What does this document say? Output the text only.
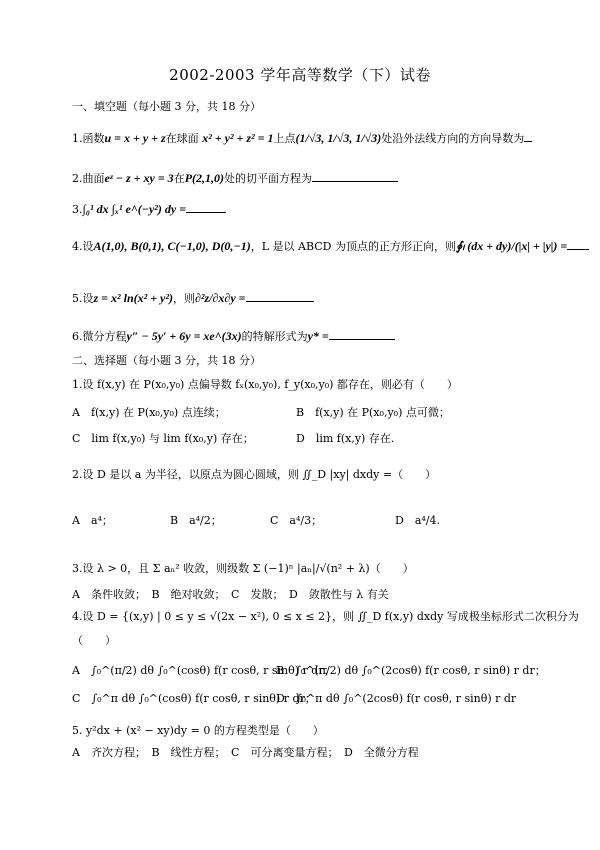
2002-2003 学年高等数学（下）试卷
一、填空题（每小题 3 分，共 18 分）
1.函数u = x + y + z在球面 x² + y² + z² = 1上点(1/√3, 1/√3, 1/√3)处沿外法线方向的方向导数为
2.曲面eᶻ − z + xy = 3在P(2,1,0)处的切平面方程为
3.∫₀¹ dx ∫ₓ¹ e^(−y²) dy =
4.设A(1,0), B(0,1), C(−1,0), D(0,−1)，L 是以 ABCD 为顶点的正方形正向，则∮ₗ (dx + dy)/(|x| + |y|) =
5.设z = x² ln(x² + y²)，则∂²z/∂x∂y =
6.微分方程y″ − 5y′ + 6y = xe^(3x)的特解形式为y* =
二、选择题（每小题 3 分，共 18 分）
1.设 f(x,y) 在 P(x₀,y₀) 点偏导数 fₓ(x₀,y₀), f_y(x₀,y₀) 都存在，则必有（　　）
A　f(x,y) 在 P(x₀,y₀) 点连续；	B　f(x,y) 在 P(x₀,y₀) 点可微；
C　lim f(x,y₀) 与 lim f(x₀,y) 存在；	D　lim f(x,y) 存在.
2.设 D 是以 a 为半径，以原点为圆心圆域，则 ∬_D |xy| dxdy =（　　）
A　a⁴；	B　a⁴/2；	C　a⁴/3；	D　a⁴/4.
3.设 λ > 0，且 Σ aₙ² 收敛，则级数 Σ (−1)ⁿ |aₙ|/√(n² + λ)（　　）
A　条件收敛；　B　绝对收敛；　C　发散；　D　敛散性与 λ 有关
4.设 D = {(x,y) | 0 ≤ y ≤ √(2x − x²), 0 ≤ x ≤ 2}，则 ∬_D f(x,y) dxdy 写成极坐标形式二次积分为
（　　）
A　∫₀^(π/2) dθ ∫₀^(cosθ) f(r cosθ, r sinθ) r dr；
B　∫₀^(π/2) dθ ∫₀^(2cosθ) f(r cosθ, r sinθ) r dr；
C　∫₀^π dθ ∫₀^(cosθ) f(r cosθ, r sinθ) r dr；
D　∫₀^π dθ ∫₀^(2cosθ) f(r cosθ, r sinθ) r dr
5. y²dx + (x² − xy)dy = 0 的方程类型是（　　）
A　齐次方程；　B　线性方程；　C　可分离变量方程；　D　全微分方程
